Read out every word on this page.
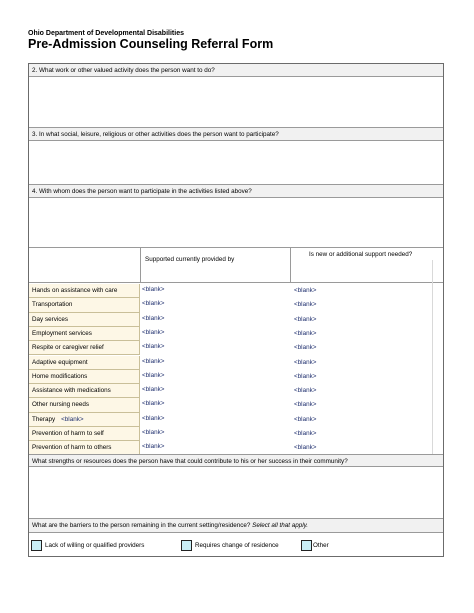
Ohio Department of Developmental Disabilities
Pre-Admission Counseling Referral Form
2. What work or other valued activity does the person want to do?
3. In what social, leisure, religious or other activities does the person want to participate?
4. With whom does the person want to participate in the activities listed above?
Supported currently provided by
Is new or additional support needed?
Hands on assistance with care	<blank>	<blank>
Transportation	<blank>	<blank>
Day services	<blank>	<blank>
Employment services	<blank>	<blank>
Respite or caregiver relief	<blank>	<blank>
Adaptive equipment	<blank>	<blank>
Home modifications	<blank>	<blank>
Assistance with medications	<blank>	<blank>
Other nursing needs	<blank>	<blank>
Therapy <blank>	<blank>	<blank>
Prevention of harm to self	<blank>	<blank>
Prevention of harm to others	<blank>	<blank>
What strengths or resources does the person have that could contribute to his or her success in their community?
What are the barriers to the person remaining in the current setting/residence? Select all that apply.
Lack of willing or qualified providers	Requires change of residence	Other
